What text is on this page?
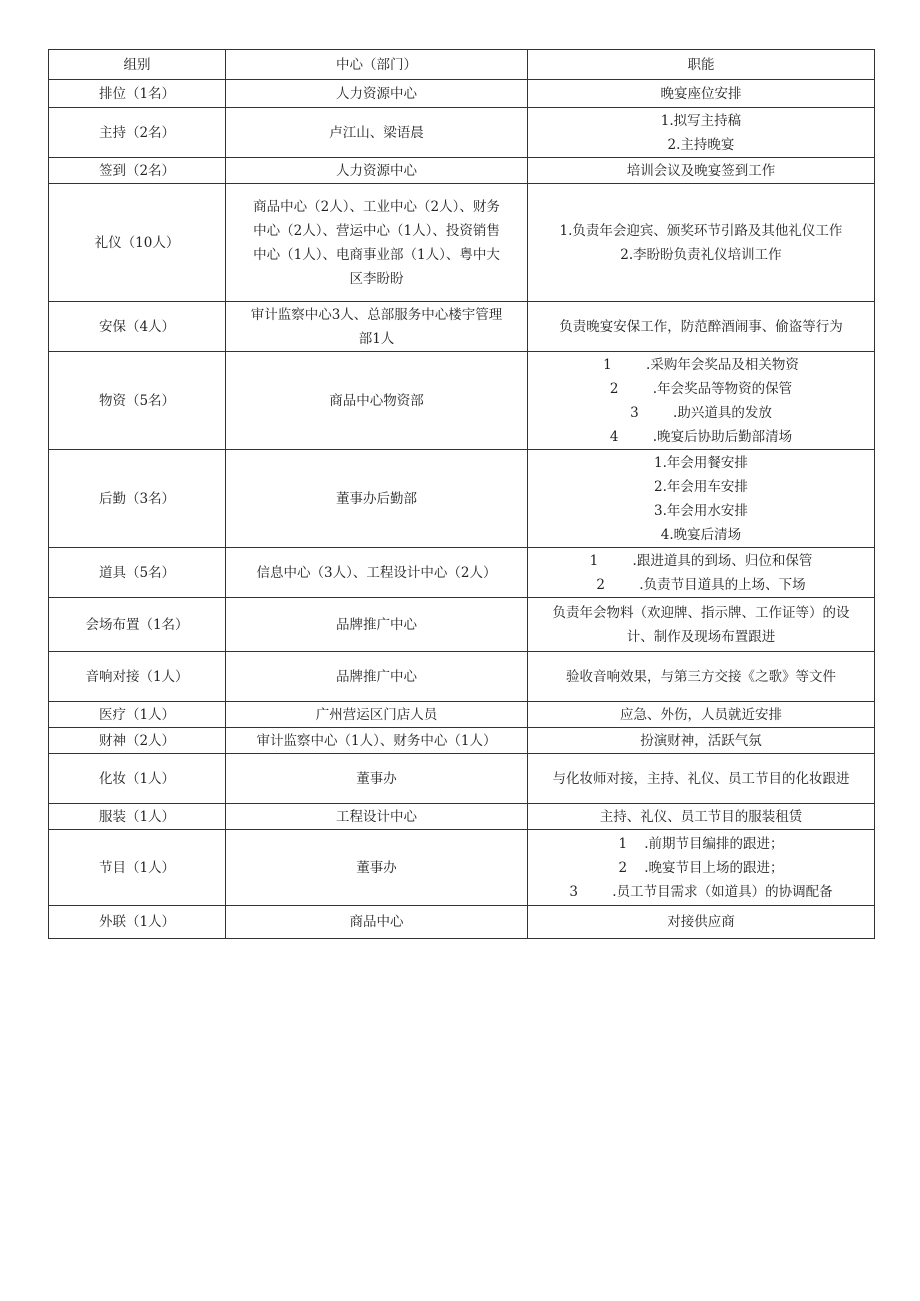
组别	中心（部门）	职能
排位（1名）	人力资源中心	晚宴座位安排

主持（2名）	卢江山、梁语晨	1.拟写主持稿
2.主持晚宴

签到（2名）	人力资源中心	培训会议及晚宴签到工作

礼仪（10人）	商品中心（2人）、工业中心（2人）、财务
中心（2人）、营运中心（1人）、投资销售
中心（1人）、电商事业部（1人）、粤中大
区李盼盼	1.负责年会迎宾、颁奖环节引路及其他礼仪工作
2.李盼盼负责礼仪培训工作

安保（4人）	审计监察中心3人、总部服务中心楼宇管理
部1人	负责晚宴安保工作，防范醉酒闹事、偷盗等行为

物资（5名）	商品中心物资部	1        .采购年会奖品及相关物资
2        .年会奖品等物资的保管
3        .助兴道具的发放
4        .晚宴后协助后勤部清场

后勤（3名）	董事办后勤部	1.年会用餐安排
2.年会用车安排
3.年会用水安排
4.晚宴后清场

道具（5名）	信息中心（3人）、工程设计中心（2人）	1        .跟进道具的到场、归位和保管
2        .负责节目道具的上场、下场

会场布置（1名）	品牌推广中心	负责年会物料（欢迎牌、指示牌、工作证等）的设
计、制作及现场布置跟进

音响对接（1人）	品牌推广中心	验收音响效果，与第三方交接《之歌》等文件

医疗（1人）	广州营运区门店人员	应急、外伤，人员就近安排

财神（2人）	审计监察中心（1人）、财务中心（1人）	扮演财神，活跃气氛

化妆（1人）	董事办	与化妆师对接，主持、礼仪、员工节目的化妆跟进

服装（1人）	工程设计中心	主持、礼仪、员工节目的服装租赁

节目（1人）	董事办	1    .前期节目编排的跟进；
2    .晚宴节目上场的跟进；
3        .员工节目需求（如道具）的协调配备

外联（1人）	商品中心	对接供应商
